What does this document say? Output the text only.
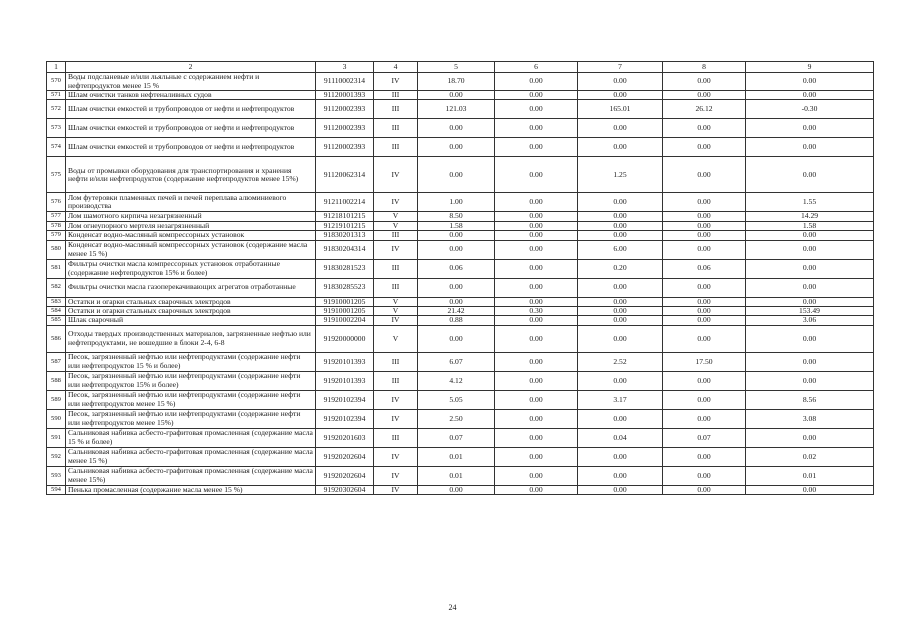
1	2	3	4	5	6	7	8	9
570	Воды подсланевые и/или льяльные с содержанием нефти и нефтепродуктов менее 15 %	91110002314	IV	18.70	0.00	0.00	0.00	0.00
571	Шлам очистки танков нефтеналивных судов	91120001393	III	0.00	0.00	0.00	0.00	0.00
572	Шлам очистки емкостей и трубопроводов от нефти и нефтепродуктов	91120002393	III	121.03	0.00	165.01	26.12	-0.30
573	Шлам очистки емкостей и трубопроводов от нефти и нефтепродуктов	91120002393	III	0.00	0.00	0.00	0.00	0.00
574	Шлам очистки емкостей и трубопроводов от нефти и нефтепродуктов	91120002393	III	0.00	0.00	0.00	0.00	0.00
575	Воды от промывки оборудования для транспортирования и хранения нефти и/или нефтепродуктов (содержание нефтепродуктов менее 15%)	91120062314	IV	0.00	0.00	1.25	0.00	0.00
576	Лом футеровки пламенных печей и печей переплава алюминиевого производства	91211002214	IV	1.00	0.00	0.00	0.00	1.55
577	Лом шамотного кирпича незагрязненный	91218101215	V	8.50	0.00	0.00	0.00	14.29
578	Лом огнеупорного мертеля незагрязненный	91219101215	V	1.58	0.00	0.00	0.00	1.58
579	Конденсат водно-масляный компрессорных установок	91830201313	III	0.00	0.00	0.00	0.00	0.00
580	Конденсат водно-масляный компрессорных установок (содержание масла менее 15 %)	91830204314	IV	0.00	0.00	6.00	0.00	0.00
581	Фильтры очистки масла компрессорных установок отработанные (содержание нефтепродуктов 15% и более)	91830281523	III	0.06	0.00	0.20	0.06	0.00
582	Фильтры очистки масла газоперекачивающих агрегатов отработанные	91830285523	III	0.00	0.00	0.00	0.00	0.00
583	Остатки и огарки стальных сварочных электродов	91910001205	V	0.00	0.00	0.00	0.00	0.00
584	Остатки и огарки стальных сварочных электродов	91910001205	V	21.42	0.30	0.00	0.00	153.49
585	Шлак сварочный	91910002204	IV	0.88	0.00	0.00	0.00	3.06
586	Отходы твердых производственных материалов, загрязненные нефтью или нефтепродуктами, не вошедшие в блоки 2-4, 6-8	91920000000	V	0.00	0.00	0.00	0.00	0.00
587	Песок, загрязненный нефтью или нефтепродуктами (содержание нефти или нефтепродуктов 15 % и более)	91920101393	III	6.07	0.00	2.52	17.50	0.00
588	Песок, загрязненный нефтью или нефтепродуктами (содержание нефти или нефтепродуктов 15% и более)	91920101393	III	4.12	0.00	0.00	0.00	0.00
589	Песок, загрязненный нефтью или нефтепродуктами (содержание нефти или нефтепродуктов менее 15 %)	91920102394	IV	5.05	0.00	3.17	0.00	8.56
590	Песок, загрязненный нефтью или нефтепродуктами (содержание нефти или нефтепродуктов менее 15%)	91920102394	IV	2.50	0.00	0.00	0.00	3.08
591	Сальниковая набивка асбесто-графитовая промасленная (содержание масла 15 % и более)	91920201603	III	0.07	0.00	0.04	0.07	0.00
592	Сальниковая набивка асбесто-графитовая промасленная (содержание масла менее 15 %)	91920202604	IV	0.01	0.00	0.00	0.00	0.02
593	Сальниковая набивка асбесто-графитовая промасленная (содержание масла менее 15%)	91920202604	IV	0.01	0.00	0.00	0.00	0.01
594	Пенька промасленная (содержание масла менее 15 %)	91920302604	IV	0.00	0.00	0.00	0.00	0.00
24
